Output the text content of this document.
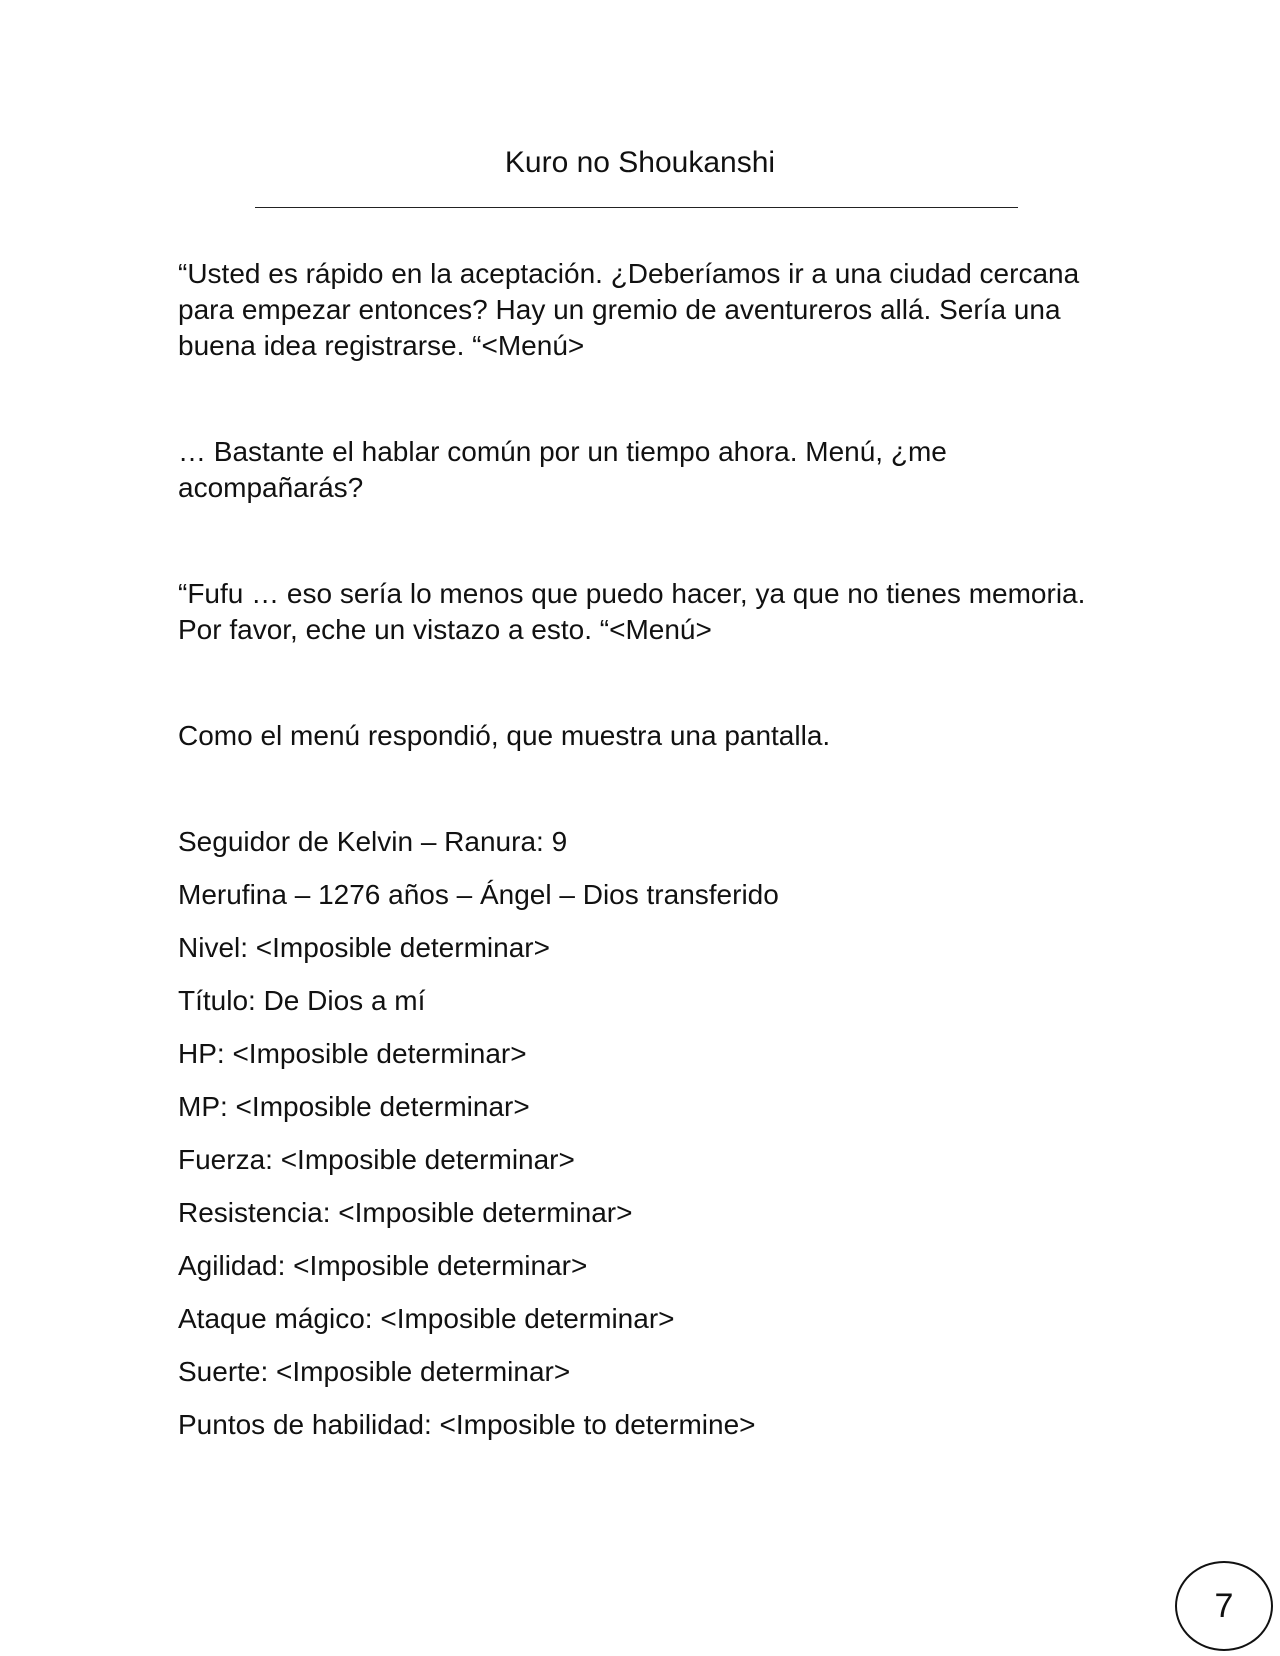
Kuro no Shoukanshi

“Usted es rápido en la aceptación. ¿Deberíamos ir a una ciudad cercana para empezar entonces? Hay un gremio de aventureros allá. Sería una buena idea registrarse. “<Menú>

… Bastante el hablar común por un tiempo ahora. Menú, ¿me acompañarás?

“Fufu … eso sería lo menos que puedo hacer, ya que no tienes memoria. Por favor, eche un vistazo a esto. “<Menú>

Como el menú respondió, que muestra una pantalla.

Seguidor de Kelvin – Ranura: 9
Merufina – 1276 años – Ángel – Dios transferido
Nivel: <Imposible determinar>
Título: De Dios a mí
HP: <Imposible determinar>
MP: <Imposible determinar>
Fuerza: <Imposible determinar>
Resistencia: <Imposible determinar>
Agilidad: <Imposible determinar>
Ataque mágico: <Imposible determinar>
Suerte: <Imposible determinar>
Puntos de habilidad: <Imposible to determine>
7
